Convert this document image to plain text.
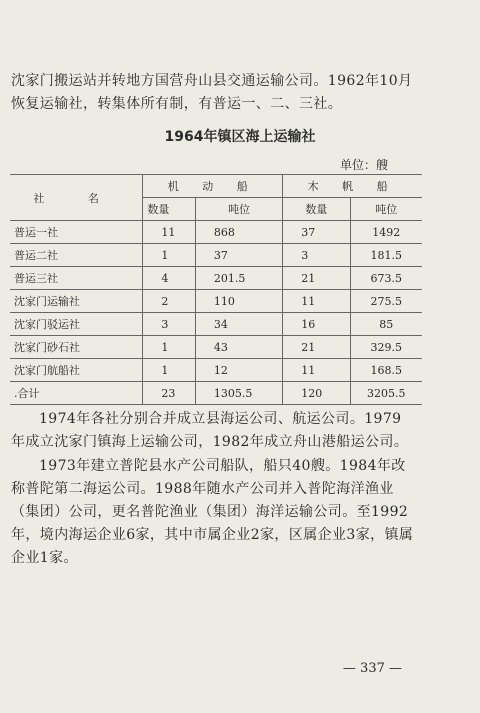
沈家门搬运站并转地方国营舟山县交通运输公司。1962年10月恢复运输社，转集体所有制，有普运一、二、三社。

1964年镇区海上运输社
单位：艘
社 名	机 动 船		木 帆 船	
	数量	吨位	数量	吨位
普运一社	11	868	37	1492
普运二社	1	37	3	181.5
普运三社	4	201.5	21	673.5
沈家门运输社	2	110	11	275.5
沈家门驳运社	3	34	16	85
沈家门砂石社	1	43	21	329.5
沈家门航船社	1	12	11	168.5
.合计	23	1305.5	120	3205.5

1974年各社分别合并成立县海运公司、航运公司。1979年成立沈家门镇海上运输公司，1982年成立舟山港船运公司。

1973年建立普陀县水产公司船队，船只40艘。1984年改称普陀第二海运公司。1988年随水产公司并入普陀海洋渔业（集团）公司，更名普陀渔业（集团）海洋运输公司。至1992年，境内海运企业6家，其中市属企业2家，区属企业3家，镇属企业1家。

— 337 —
